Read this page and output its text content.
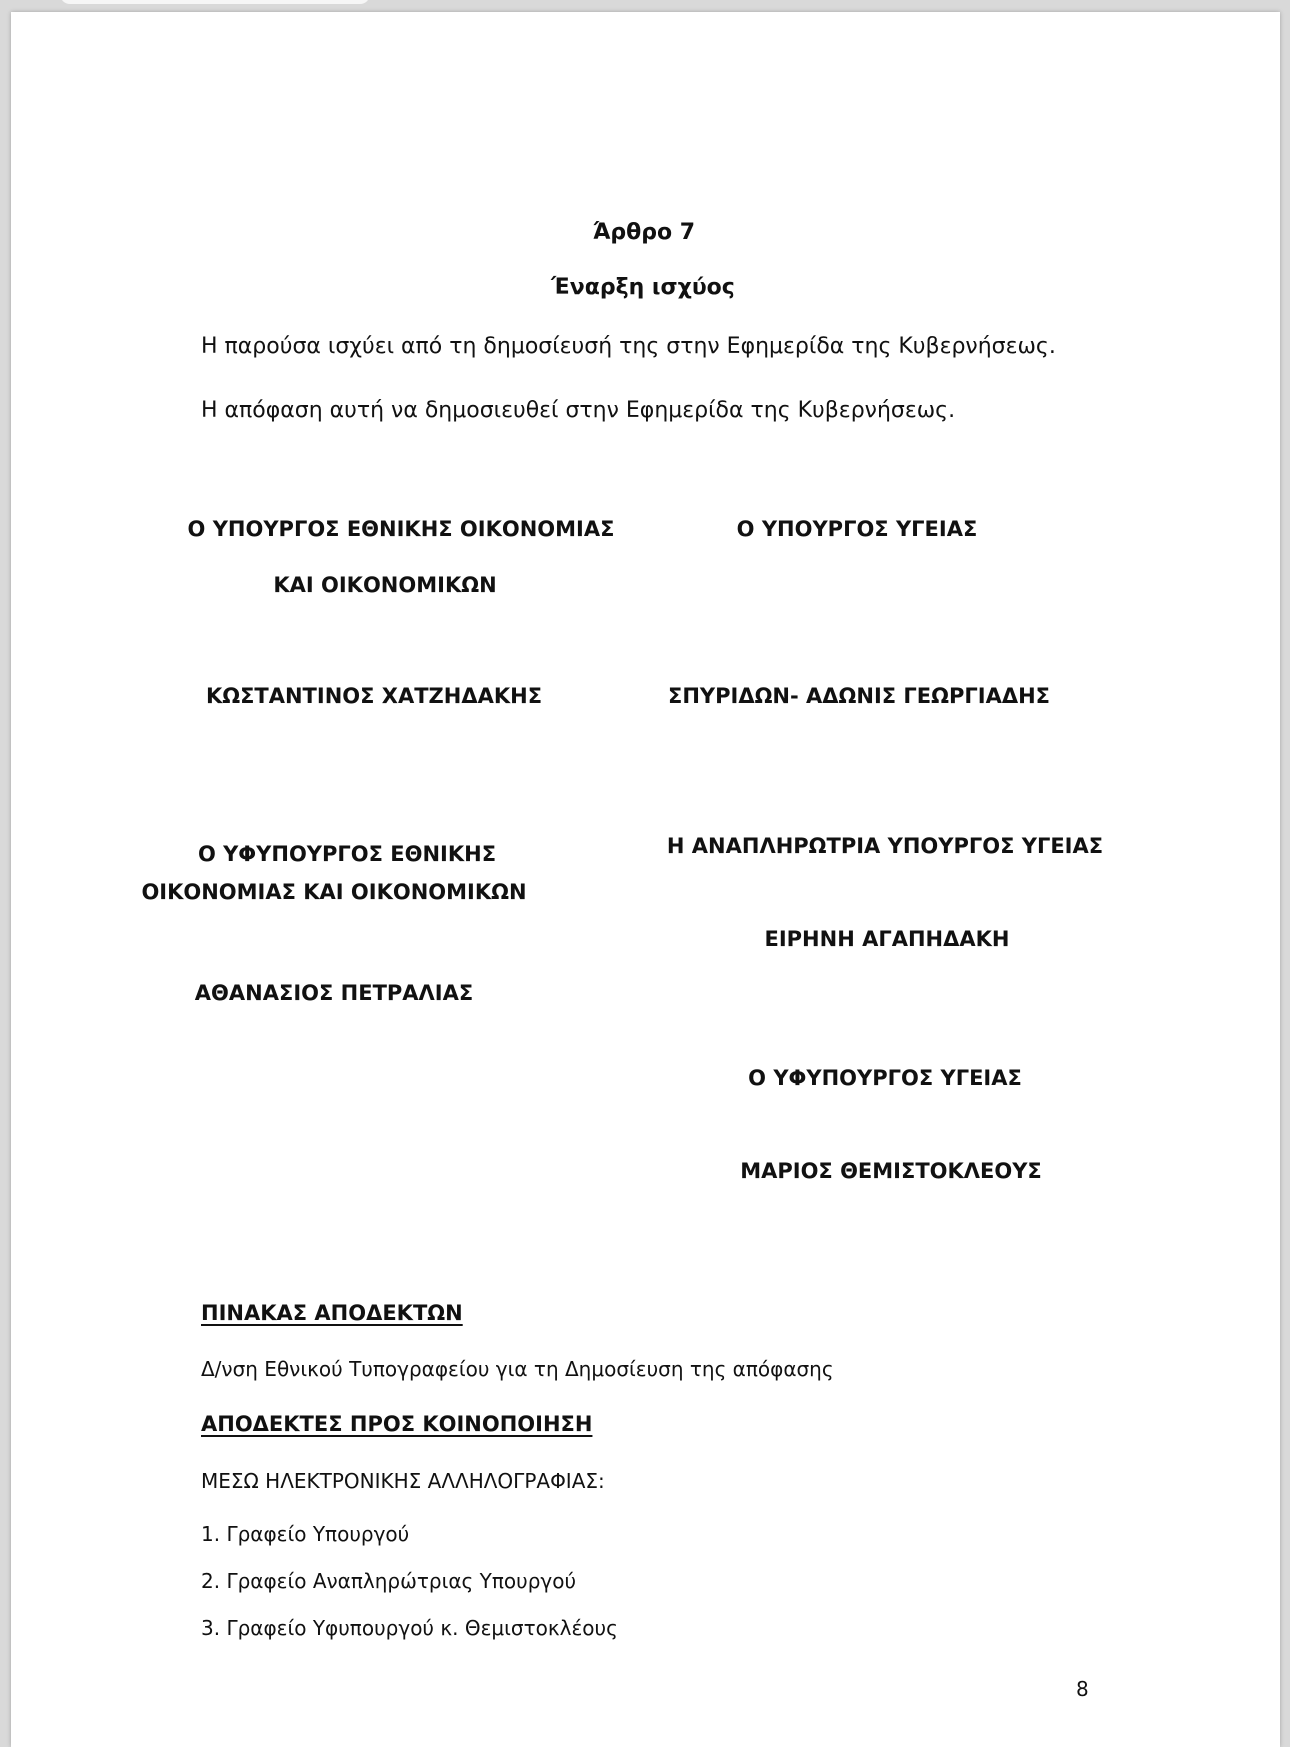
Άρθρο 7
Έναρξη ισχύος
Η παρούσα ισχύει από τη δημοσίευσή της στην Εφημερίδα της Κυβερνήσεως.
Η απόφαση αυτή να δημοσιευθεί στην Εφημερίδα της Κυβερνήσεως.
Ο ΥΠΟΥΡΓΟΣ ΕΘΝΙΚΗΣ ΟΙΚΟΝΟΜΙΑΣ
ΚΑΙ ΟΙΚΟΝΟΜΙΚΩΝ
ΚΩΣΤΑΝΤΙΝΟΣ ΧΑΤΖΗΔΑΚΗΣ
Ο ΥΦΥΠΟΥΡΓΟΣ ΕΘΝΙΚΗΣ
ΟΙΚΟΝΟΜΙΑΣ ΚΑΙ ΟΙΚΟΝΟΜΙΚΩΝ
ΑΘΑΝΑΣΙΟΣ ΠΕΤΡΑΛΙΑΣ
Ο ΥΠΟΥΡΓΟΣ ΥΓΕΙΑΣ
ΣΠΥΡΙΔΩΝ- ΑΔΩΝΙΣ ΓΕΩΡΓΙΑΔΗΣ
Η ΑΝΑΠΛΗΡΩΤΡΙΑ ΥΠΟΥΡΓΟΣ ΥΓΕΙΑΣ
ΕΙΡΗΝΗ ΑΓΑΠΗΔΑΚΗ
Ο ΥΦΥΠΟΥΡΓΟΣ ΥΓΕΙΑΣ
ΜΑΡΙΟΣ ΘΕΜΙΣΤΟΚΛΕΟΥΣ
ΠΙΝΑΚΑΣ ΑΠΟΔΕΚΤΩΝ
Δ/νση Εθνικού Τυπογραφείου για τη Δημοσίευση της απόφασης
ΑΠΟΔΕΚΤΕΣ ΠΡΟΣ ΚΟΙΝΟΠΟΙΗΣΗ
ΜΕΣΩ ΗΛΕΚΤΡΟΝΙΚΗΣ ΑΛΛΗΛΟΓΡΑΦΙΑΣ:
1. Γραφείο Υπουργού
2. Γραφείο Αναπληρώτριας Υπουργού
3. Γραφείο Υφυπουργού κ. Θεμιστοκλέους
8
